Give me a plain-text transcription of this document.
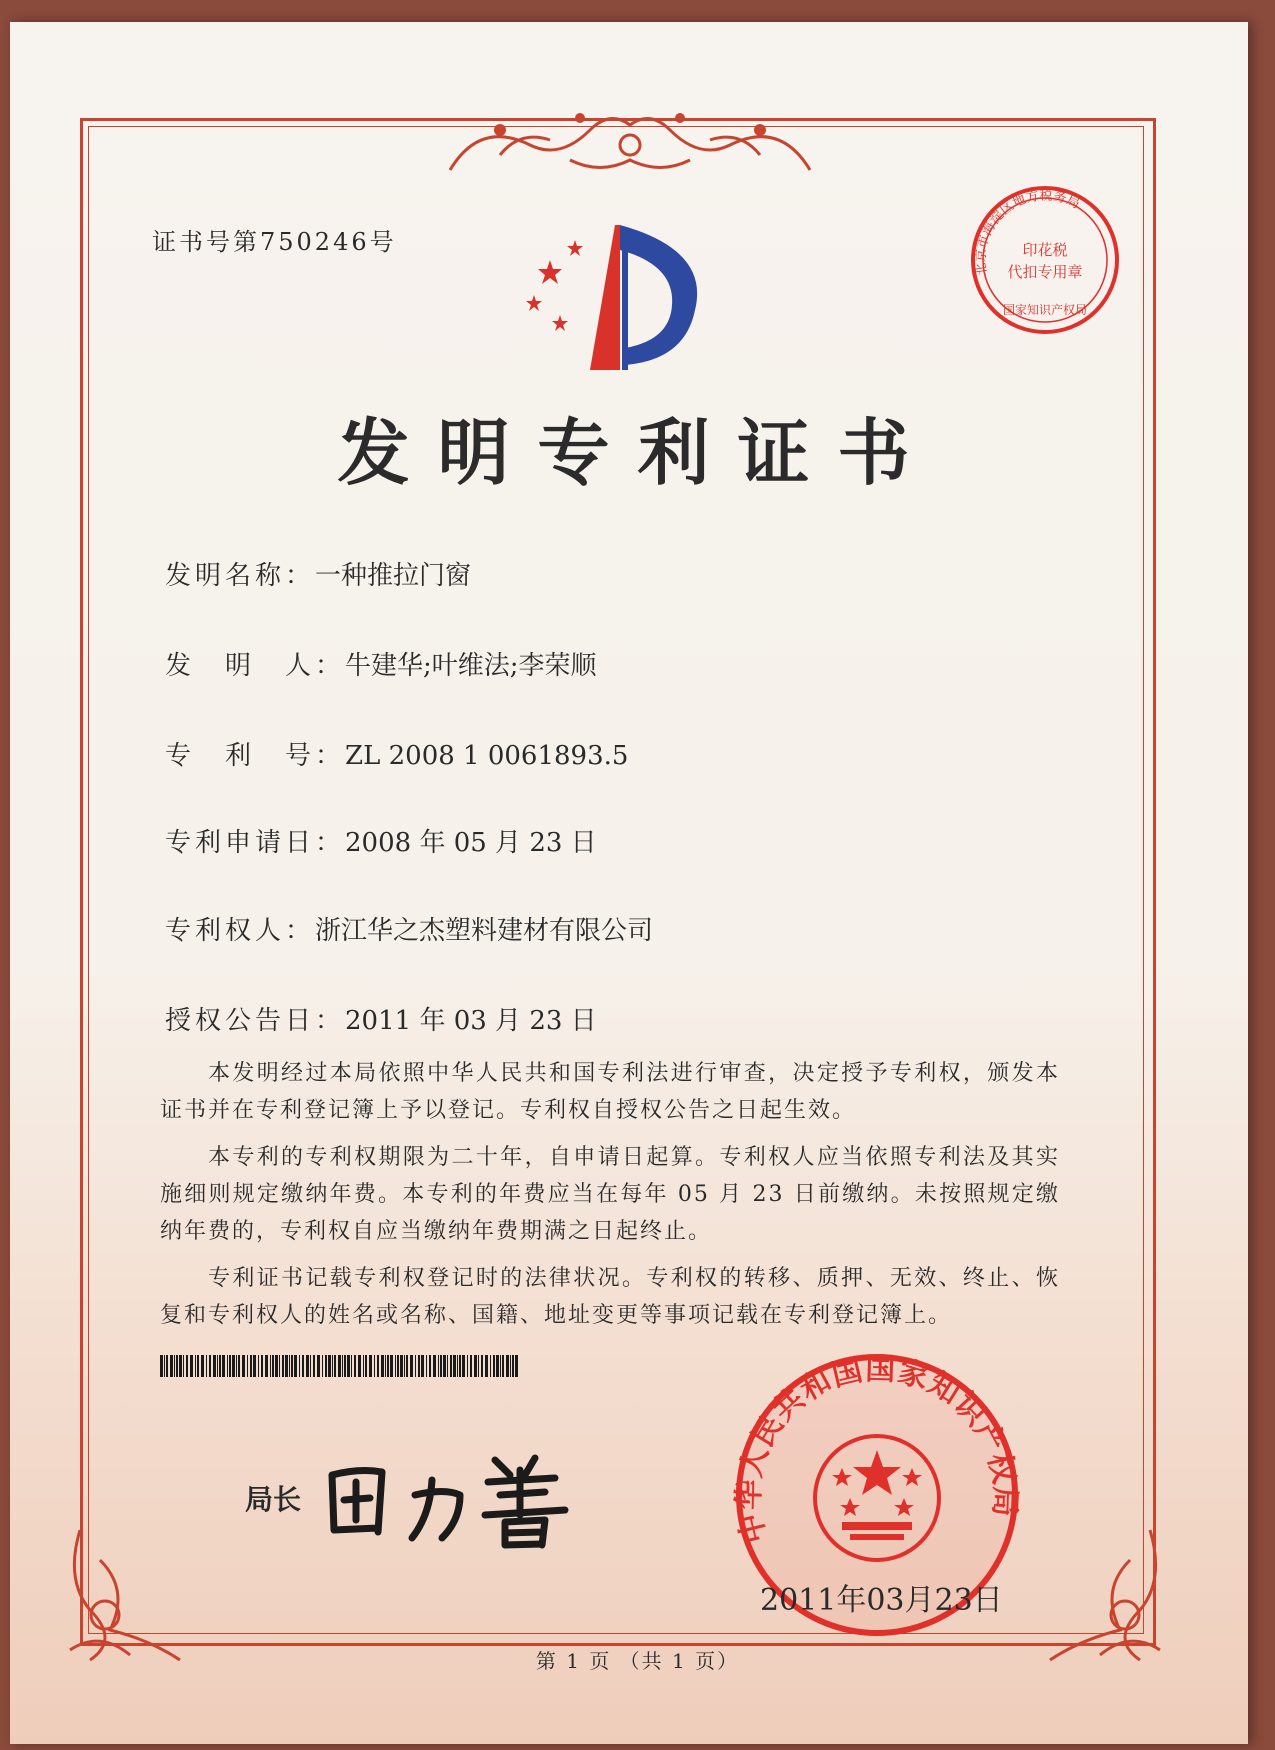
证书号第750246号
北京市海淀区地方税务局
印花税
代扣专用章
国家知识产权局
发明专利证书
发明名称：一种推拉门窗
发　明　人：牛建华;叶维法;李荣顺
专　利　号：ZL 2008 1 0061893.5
专利申请日：2008 年 05 月 23 日
专利权人：浙江华之杰塑料建材有限公司
授权公告日：2011 年 03 月 23 日

本发明经过本局依照中华人民共和国专利法进行审查，决定授予专利权，颁发本证书并在专利登记簿上予以登记。专利权自授权公告之日起生效。

本专利的专利权期限为二十年，自申请日起算。专利权人应当依照专利法及其实施细则规定缴纳年费。本专利的年费应当在每年 05 月 23 日前缴纳。未按照规定缴纳年费的，专利权自应当缴纳年费期满之日起终止。

专利证书记载专利权登记时的法律状况。专利权的转移、质押、无效、终止、恢复和专利权人的姓名或名称、国籍、地址变更等事项记载在专利登记簿上。

局长
中华人民共和国国家知识产权局
2011年03月23日
第 1 页 （共 1 页）
